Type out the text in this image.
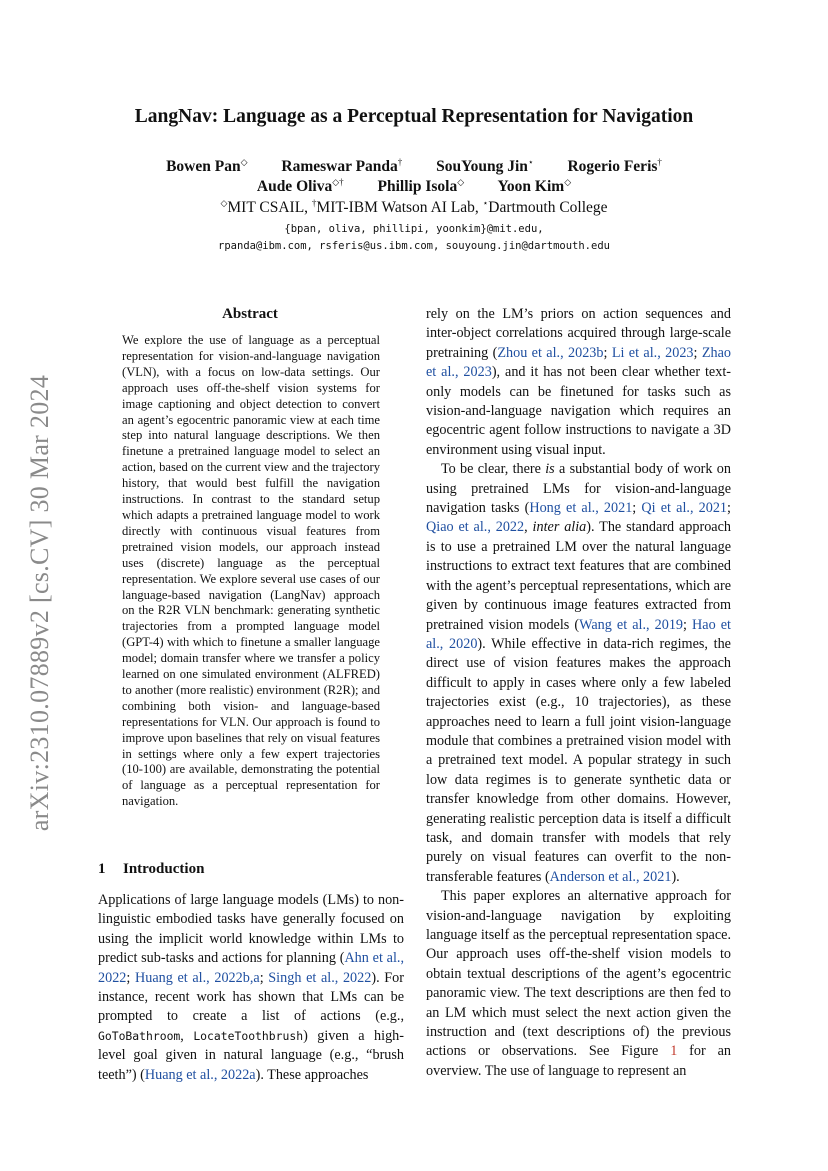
arXiv:2310.07889v2 [cs.CV] 30 Mar 2024
LangNav: Language as a Perceptual Representation for Navigation
Bowen Pan◇ Rameswar Panda† SouYoung Jin⋆ Rogerio Feris†
Aude Oliva◇† Phillip Isola◇ Yoon Kim◇
◇MIT CSAIL, †MIT-IBM Watson AI Lab, ⋆Dartmouth College
{bpan, oliva, phillipi, yoonkim}@mit.edu,
rpanda@ibm.com, rsferis@us.ibm.com, souyoung.jin@dartmouth.edu
Abstract
We explore the use of language as a perceptual representation for vision-and-language navigation (VLN), with a focus on low-data settings. Our approach uses off-the-shelf vision systems for image captioning and object detection to convert an agent’s egocentric panoramic view at each time step into natural language descriptions. We then finetune a pretrained language model to select an action, based on the current view and the trajectory history, that would best fulfill the navigation instructions. In contrast to the standard setup which adapts a pretrained language model to work directly with continuous visual features from pretrained vision models, our approach instead uses (discrete) language as the perceptual representation. We explore several use cases of our language-based navigation (LangNav) approach on the R2R VLN benchmark: generating synthetic trajectories from a prompted language model (GPT-4) with which to finetune a smaller language model; domain transfer where we transfer a policy learned on one simulated environment (ALFRED) to another (more realistic) environment (R2R); and combining both vision- and language-based representations for VLN. Our approach is found to improve upon baselines that rely on visual features in settings where only a few expert trajectories (10-100) are available, demonstrating the potential of language as a perceptual representation for navigation.
1 Introduction

Applications of large language models (LMs) to non-linguistic embodied tasks have generally focused on using the implicit world knowledge within LMs to predict sub-tasks and actions for planning (Ahn et al., 2022; Huang et al., 2022b,a; Singh et al., 2022). For instance, recent work has shown that LMs can be prompted to create a list of actions (e.g., GoToBathroom, LocateToothbrush) given a high-level goal given in natural language (e.g., “brush teeth”) (Huang et al., 2022a). These approaches

rely on the LM’s priors on action sequences and inter-object correlations acquired through large-scale pretraining (Zhou et al., 2023b; Li et al., 2023; Zhao et al., 2023), and it has not been clear whether text-only models can be finetuned for tasks such as vision-and-language navigation which requires an egocentric agent follow instructions to navigate a 3D environment using visual input.

To be clear, there is a substantial body of work on using pretrained LMs for vision-and-language navigation tasks (Hong et al., 2021; Qi et al., 2021; Qiao et al., 2022, inter alia). The standard approach is to use a pretrained LM over the natural language instructions to extract text features that are combined with the agent’s perceptual representations, which are given by continuous image features extracted from pretrained vision models (Wang et al., 2019; Hao et al., 2020). While effective in data-rich regimes, the direct use of vision features makes the approach difficult to apply in cases where only a few labeled trajectories exist (e.g., 10 trajectories), as these approaches need to learn a full joint vision-language module that combines a pretrained vision model with a pretrained text model. A popular strategy in such low data regimes is to generate synthetic data or transfer knowledge from other domains. However, generating realistic perception data is itself a difficult task, and domain transfer with models that rely purely on visual features can overfit to the non-transferable features (Anderson et al., 2021).

This paper explores an alternative approach for vision-and-language navigation by exploiting language itself as the perceptual representation space. Our approach uses off-the-shelf vision models to obtain textual descriptions of the agent’s egocentric panoramic view. The text descriptions are then fed to an LM which must select the next action given the instruction and (text descriptions of) the previous actions or observations. See Figure 1 for an overview. The use of language to represent an
